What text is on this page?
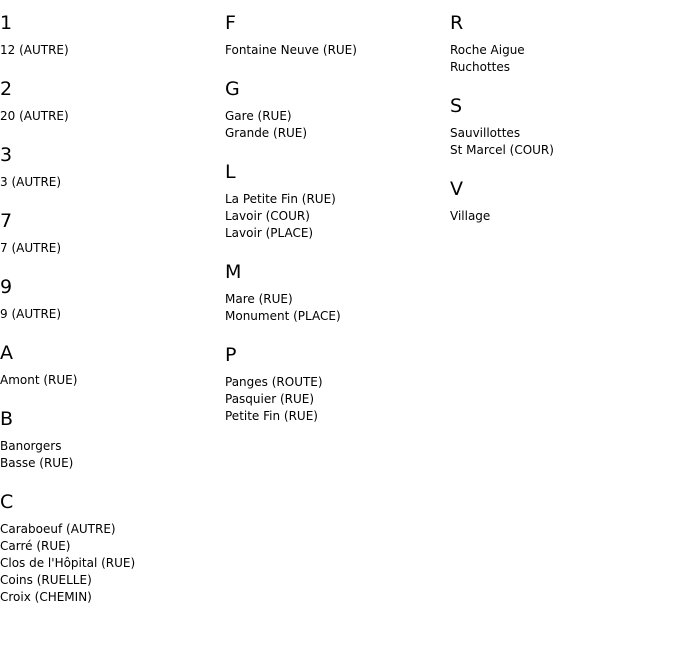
1
12 (AUTRE)
2
20 (AUTRE)
3
3 (AUTRE)
7
7 (AUTRE)
9
9 (AUTRE)
A
Amont (RUE)
B
Banorgers
Basse (RUE)
C
Caraboeuf (AUTRE)
Carré (RUE)
Clos de l'Hôpital (RUE)
Coins (RUELLE)
Croix (CHEMIN)
F
Fontaine Neuve (RUE)
G
Gare (RUE)
Grande (RUE)
L
La Petite Fin (RUE)
Lavoir (COUR)
Lavoir (PLACE)
M
Mare (RUE)
Monument (PLACE)
P
Panges (ROUTE)
Pasquier (RUE)
Petite Fin (RUE)
R
Roche Aigue
Ruchottes
S
Sauvillottes
St Marcel (COUR)
V
Village
